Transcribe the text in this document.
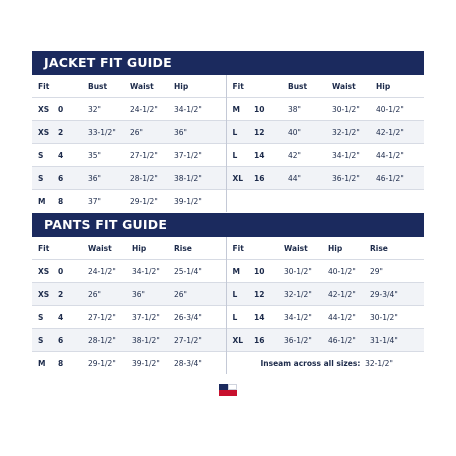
JACKET FIT GUIDE
Fit		Bust	Waist	Hip	Fit		Bust	Waist	Hip
XS	0	32"	24-1/2"	34-1/2"	M	10	38"	30-1/2"	40-1/2"
XS	2	33-1/2"	26"	36"	L	12	40"	32-1/2"	42-1/2"
S	4	35"	27-1/2"	37-1/2"	L	14	42"	34-1/2"	44-1/2"
S	6	36"	28-1/2"	38-1/2"	XL	16	44"	36-1/2"	46-1/2"
M	8	37"	29-1/2"	39-1/2"					
PANTS FIT GUIDE
Fit		Waist	Hip	Rise	Fit		Waist	Hip	Rise
XS	0	24-1/2"	34-1/2"	25-1/4"	M	10	30-1/2"	40-1/2"	29"
XS	2	26"	36"	26"	L	12	32-1/2"	42-1/2"	29-3/4"
S	4	27-1/2"	37-1/2"	26-3/4"	L	14	34-1/2"	44-1/2"	30-1/2"
S	6	28-1/2"	38-1/2"	27-1/2"	XL	16	36-1/2"	46-1/2"	31-1/4"
M	8	29-1/2"	39-1/2"	28-3/4"	Inseam across all sizes: 32-1/2"				
